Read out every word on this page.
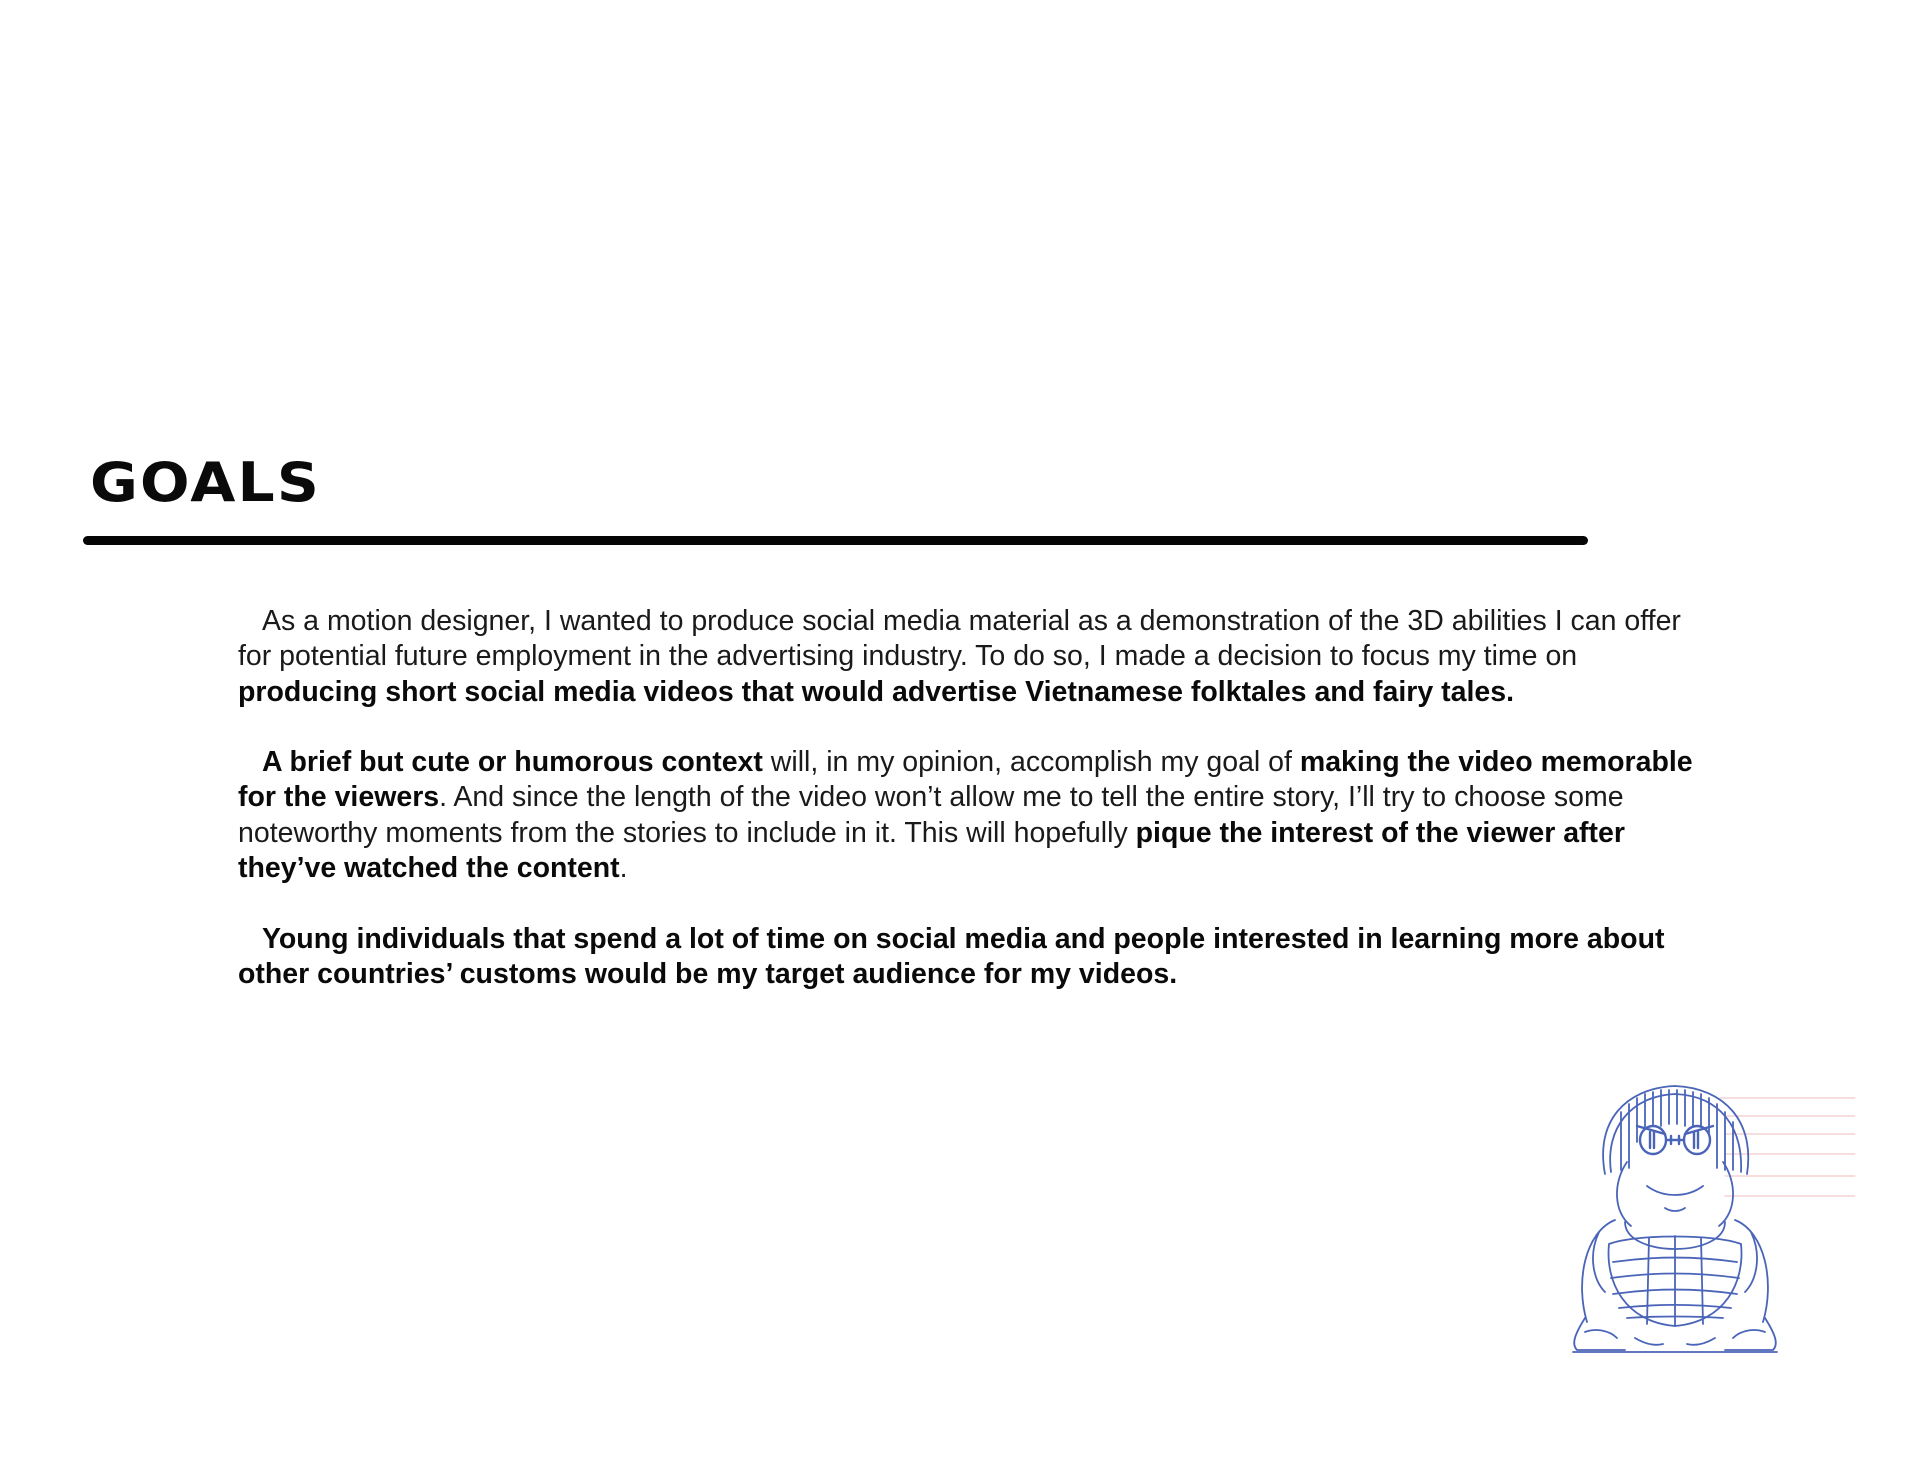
GOALS

As a motion designer, I wanted to produce social media material as a demonstration of the 3D abilities I can offer for potential future employment in the advertising industry. To do so, I made a decision to focus my time on producing short social media videos that would advertise Vietnamese folktales and fairy tales.

A brief but cute or humorous context will, in my opinion, accomplish my goal of making the video memorable for the viewers. And since the length of the video won’t allow me to tell the entire story, I’ll try to choose some noteworthy moments from the stories to include in it. This will hopefully pique the interest of the viewer after they’ve watched the content.

Young individuals that spend a lot of time on social media and people interested in learning more about other countries’ customs would be my target audience for my videos.
